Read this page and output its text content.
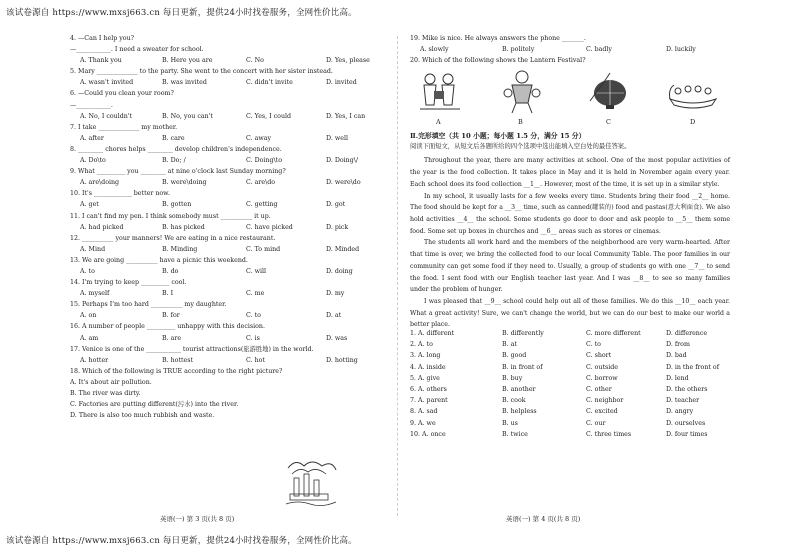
该试卷源自 https://www.mxsj663.cn 每日更新，提供24小时找卷服务，全网性价比高。
该试卷源自 https://www.mxsj663.cn 每日更新，提供24小时找卷服务，全网性价比高。
4. —Can I help you?
—___________. I need a sweater for school.
A. Thank you	B. Here you are	C. No	D. Yes, please
5. Mary _____________ to the party. She went to the concert with her sister instead.
A. wasn't invited	B. was invited	C. didn't invite	D. invited
6. —Could you clean your room?
—___________.
A. No, I couldn't	B. No, you can't	C. Yes, I could	D. Yes, I can
7. I take _____________ my mother.
A. after	B. care	C. away	D. well
8. ________ chores helps ________ develop children's independence.
A. Do\to	B. Do; /	C. Doing\to	D. Doing\/
9. What _________ you ________ at nine o'clock last Sunday morning?
A. are\doing	B. were\doing	C. are\do	D. were\do
10. It's ____________ better now.
A. get	B. gotten	C. getting	D. got
11. I can't find my pen. I think somebody must __________ it up.
A. had picked	B. has picked	C. have picked	D. pick
12. __________ your manners! We are eating in a nice restaurant.
A. Mind	B. Minding	C. To mind	D. Minded
13. We are going __________ have a picnic this weekend.
A. to	B. do	C. will	D. doing
14. I'm trying to keep _________ cool.
A. myself	B. I	C. me	D. my
15. Perhaps I'm too hard __________ my daughter.
A. on	B. for	C. to	D. at
16. A number of people _________ unhappy with this decision.
A. am	B. are	C. is	D. was
17. Venice is one of the ___________ tourist attractions(旅游胜地) in the world.
A. hotter	B. hottest	C. hot	D. hotting
18. Which of the following is TRUE according to the right picture?
A. It's about air pollution.
B. The river was dirty.
C. Factories are putting different(污水) into the river.
D. There is also too much rubbish and waste.
英语(一) 第 3 页(共 8 页)
19. Mike is nice. He always answers the phone _______.
A. slowly	B. politely	C. badly	D. luckily
20. Which of the following shows the Lantern Festival?
A	B	C	D
Ⅱ.完形填空（共 10 小题；每小题 1.5 分，满分 15 分）
阅读下面短文，从短文后各题所给的四个选项中选出能填入空白处的最佳答案。

Throughout the year, there are many activities at school. One of the most popular activities of the year is the food collection. It takes place in May and it is held in November again every year. Each school does its food collection __1__. However, most of the time, it is set up in a similar style.

In my school, it usually lasts for a few weeks every time. Students bring their food __2__ home. The food should be kept for a __3__ time, such as canned(罐装的) food and pastas(意大利面食). We also hold activities __4__ the school. Some students go door to door and ask people to __5__ them some food. Some set up boxes in churches and __6__ areas such as stores or cinemas.

The students all work hard and the members of the neighborhood are very warm-hearted. After that time is over, we bring the collected food to our local Community Table. The poor families in our community can get some food if they need to. Usually, a group of students go with one __7__ to send the food. I sent food with our English teacher last year. And I was __8__ to see so many families under the problem of hunger.

I was pleased that __9__ school could help out all of these families. We do this __10__ each year. What a great activity! Sure, we can't change the world, but we can do our best to make our world a better place.

1. A. different	B. differently	C. more different	D. difference
2. A. to	B. at	C. to	D. from
3. A. long	B. good	C. short	D. bad
4. A. inside	B. in front of	C. outside	D. in the front of
5. A. give	B. buy	C. borrow	D. lend
6. A. others	B. another	C. other	D. the others
7. A. parent	B. cook	C. neighbor	D. teacher
8. A. sad	B. helpless	C. excited	D. angry
9. A. we	B. us	C. our	D. ourselves
10. A. once	B. twice	C. three times	D. four times
英语(一) 第 4 页(共 8 页)
